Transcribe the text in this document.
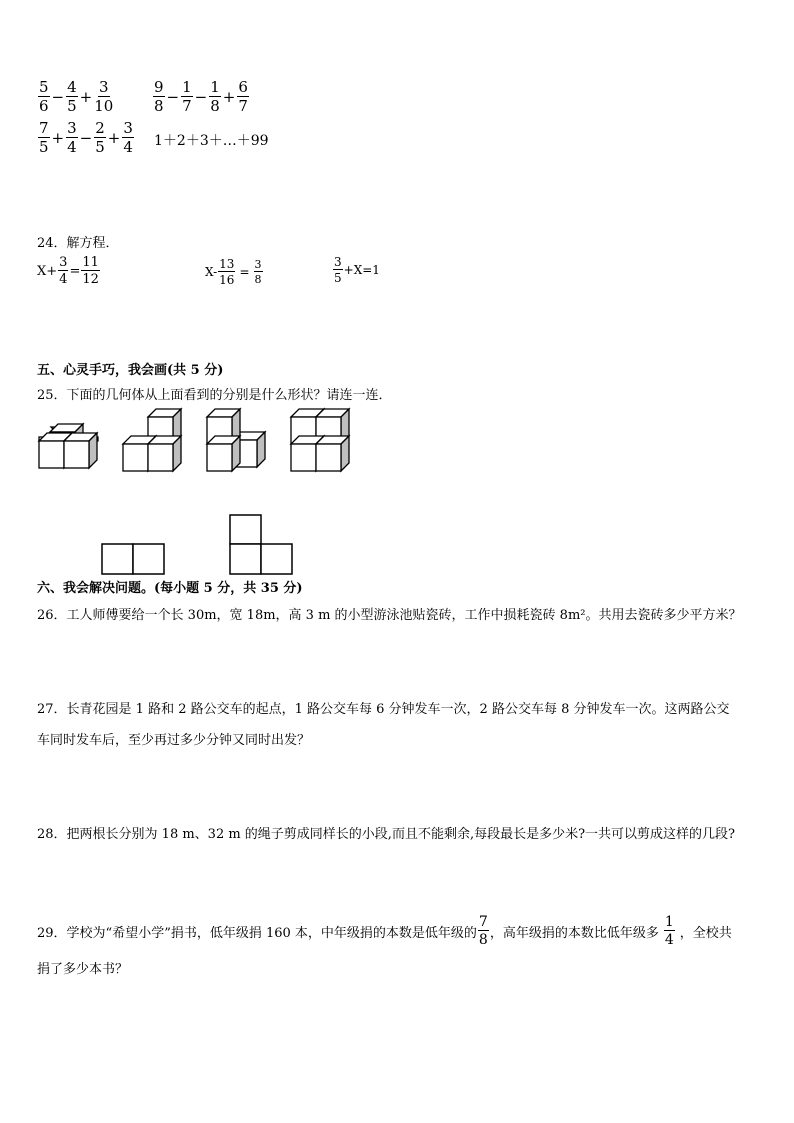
$\frac{5}{6} - \frac{4}{5} + \frac{3}{10}$	$\frac{9}{8} - \frac{1}{7} - \frac{1}{8} + \frac{6}{7}$
$\frac{7}{5} + \frac{3}{4} - \frac{2}{5} + \frac{3}{4}$ 1＋2＋3＋…＋99
24．解方程．
$X+ \frac{3}{4} = \frac{11}{12}$	$X- \frac{13}{16} = \frac{3}{8}$	$\frac{3}{5} +X=1$
五、心灵手巧，我会画(共 5 分)
25．下面的几何体从上面看到的分别是什么形状？请连一连．
六、我会解决问题。(每小题 5 分，共 35 分)
26．工人师傅要给一个长 30m，宽 18m，高 3 m 的小型游泳池贴瓷砖，工作中损耗瓷砖 8m²。共用去瓷砖多少平方米？
27．长青花园是 1 路和 2 路公交车的起点，1 路公交车每 6 分钟发车一次，2 路公交车每 8 分钟发车一次。这两路公交
车同时发车后，至少再过多少分钟又同时出发？
28．把两根长分别为 18 m、32 m 的绳子剪成同样长的小段,而且不能剩余,每段最长是多少米?一共可以剪成这样的几段?
29．学校为“希望小学”捐书，低年级捐 160 本，中年级捐的本数是低年级的 $\frac{7}{8}$ ，高年级捐的本数比低年级多 $\frac{1}{4}$ ，全校共
捐了多少本书？
